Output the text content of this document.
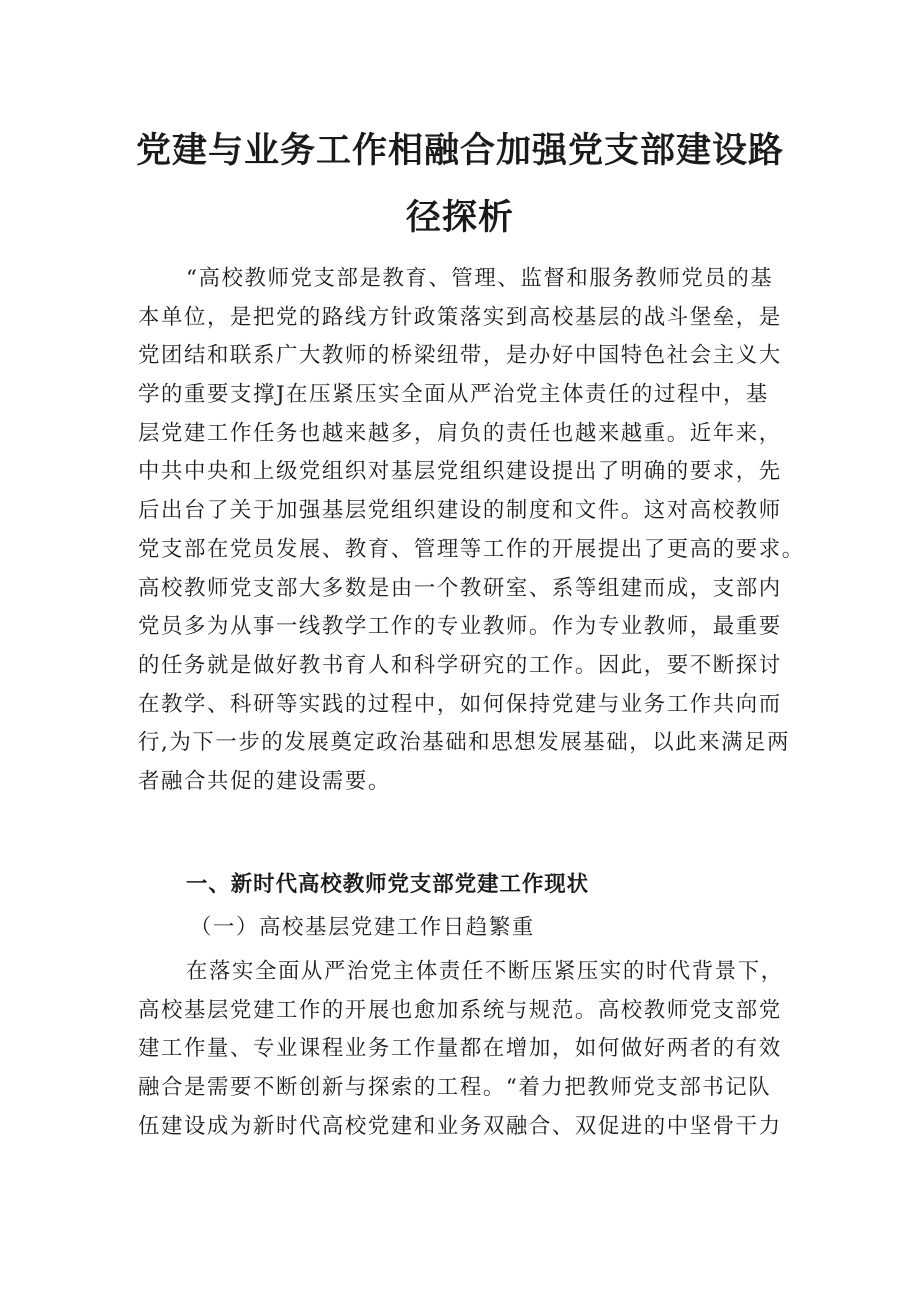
党建与业务工作相融合加强党支部建设路
径探析
“高校教师党支部是教育、管理、监督和服务教师党员的基
本单位，是把党的路线方针政策落实到高校基层的战斗堡垒，是
党团结和联系广大教师的桥梁纽带，是办好中国特色社会主义大
学的重要支撑J在压紧压实全面从严治党主体责任的过程中，基
层党建工作任务也越来越多，肩负的责任也越来越重。近年来，
中共中央和上级党组织对基层党组织建设提出了明确的要求，先
后出台了关于加强基层党组织建设的制度和文件。这对高校教师
党支部在党员发展、教育、管理等工作的开展提出了更高的要求。
高校教师党支部大多数是由一个教研室、系等组建而成，支部内
党员多为从事一线教学工作的专业教师。作为专业教师，最重要
的任务就是做好教书育人和科学研究的工作。因此，要不断探讨
在教学、科研等实践的过程中，如何保持党建与业务工作共向而
行,为下一步的发展奠定政治基础和思想发展基础，以此来满足两
者融合共促的建设需要。
一、新时代高校教师党支部党建工作现状
（一）高校基层党建工作日趋繁重
在落实全面从严治党主体责任不断压紧压实的时代背景下，
高校基层党建工作的开展也愈加系统与规范。高校教师党支部党
建工作量、专业课程业务工作量都在增加，如何做好两者的有效
融合是需要不断创新与探索的工程。“着力把教师党支部书记队
伍建设成为新时代高校党建和业务双融合、双促进的中坚骨干力
